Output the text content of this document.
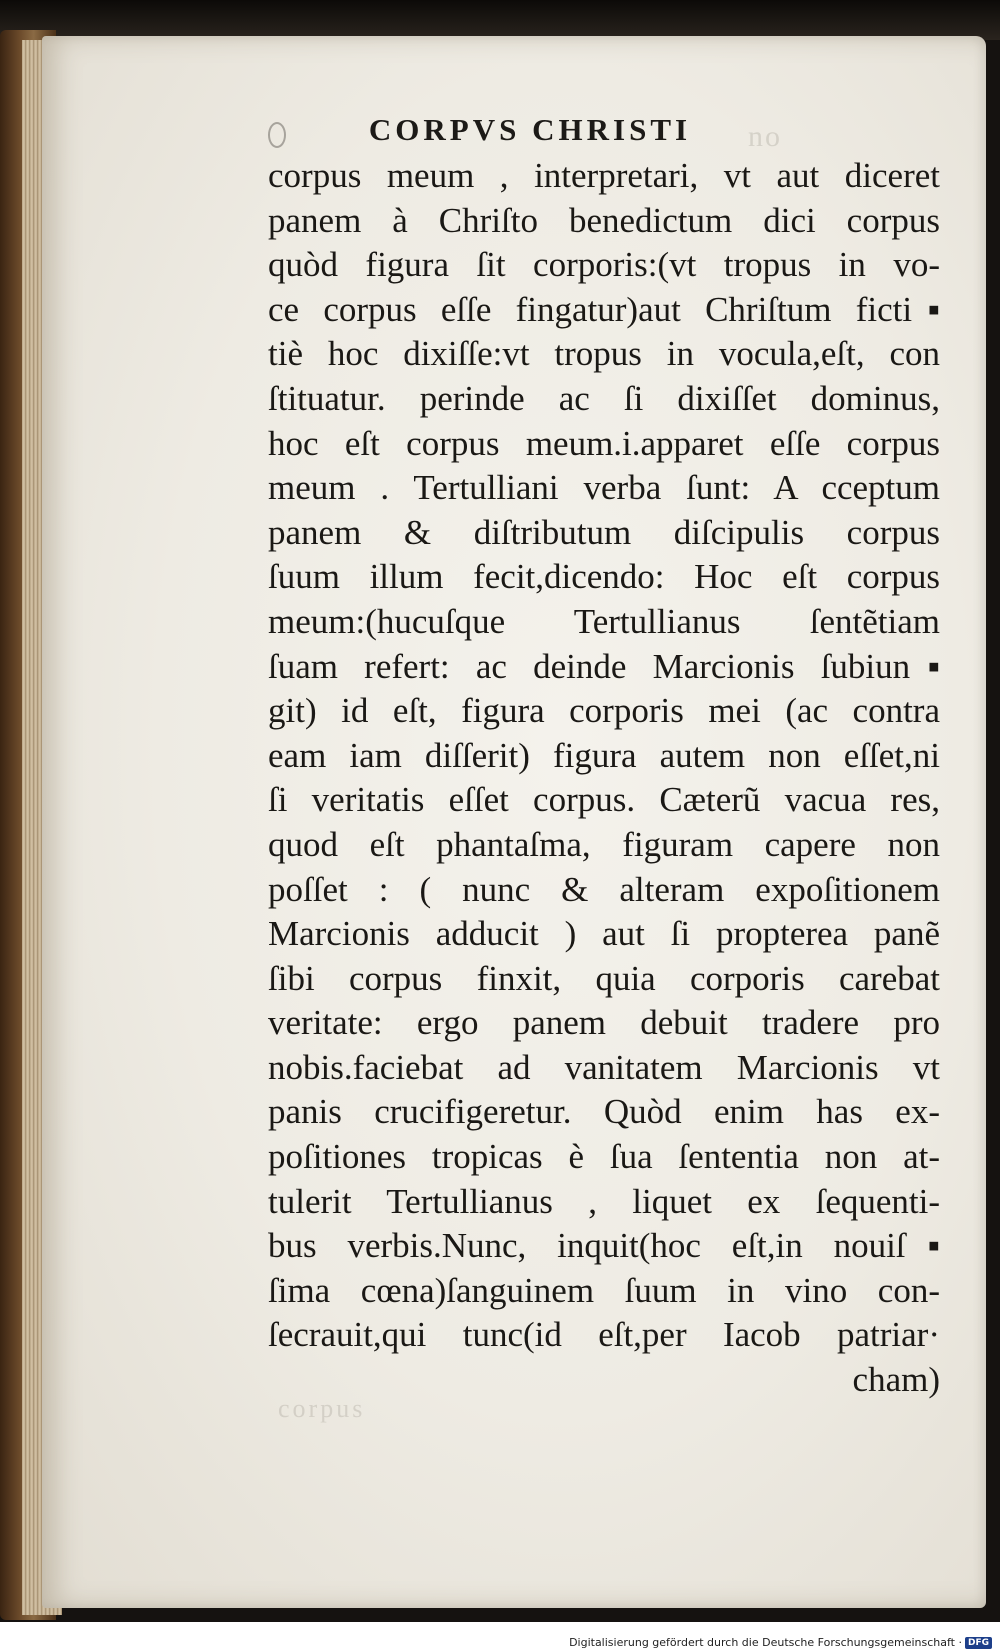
no
corpus
CORPVS CHRISTI
corpus meum , interpretari, vt aut diceret
panem à Chriſto benedictum dici corpus
quòd figura ſit corporis:(vt tropus in vo-
ce corpus eſſe fingatur)aut Chriſtum ficti▪
tiè hoc dixiſſe:vt tropus in vocula,eſt, con
ſtituatur. perinde ac ſi dixiſſet dominus,
hoc eſt corpus meum.i.apparet eſſe corpus
meum . Tertulliani verba ſunt: A cceptum
panem & diſtributum diſcipulis corpus
ſuum illum fecit,dicendo: Hoc eſt corpus
meum:(hucuſque Tertullianus ſentẽtiam
ſuam refert: ac deinde Marcionis ſubiun▪
git) id eſt, figura corporis mei (ac contra
eam iam diſſerit) figura autem non eſſet,ni
ſi veritatis eſſet corpus. Cæterũ vacua res,
quod eſt phantaſma, figuram capere non
poſſet : ( nunc & alteram expoſitionem
Marcionis adducit ) aut ſi propterea panẽ
ſibi corpus finxit, quia corporis carebat
veritate: ergo panem debuit tradere pro
nobis.faciebat ad vanitatem Marcionis vt
panis crucifigeretur. Quòd enim has ex-
poſitiones tropicas è ſua ſententia non at-
tulerit Tertullianus , liquet ex ſequenti-
bus verbis.Nunc, inquit(hoc eſt,in nouiſ▪
ſima cœna)ſanguinem ſuum in vino con-
ſecrauit,qui tunc(id eſt,per Iacob patriar·
cham)
Digitalisierung gefördert durch die Deutsche Forschungsgemeinschaft · DFG
